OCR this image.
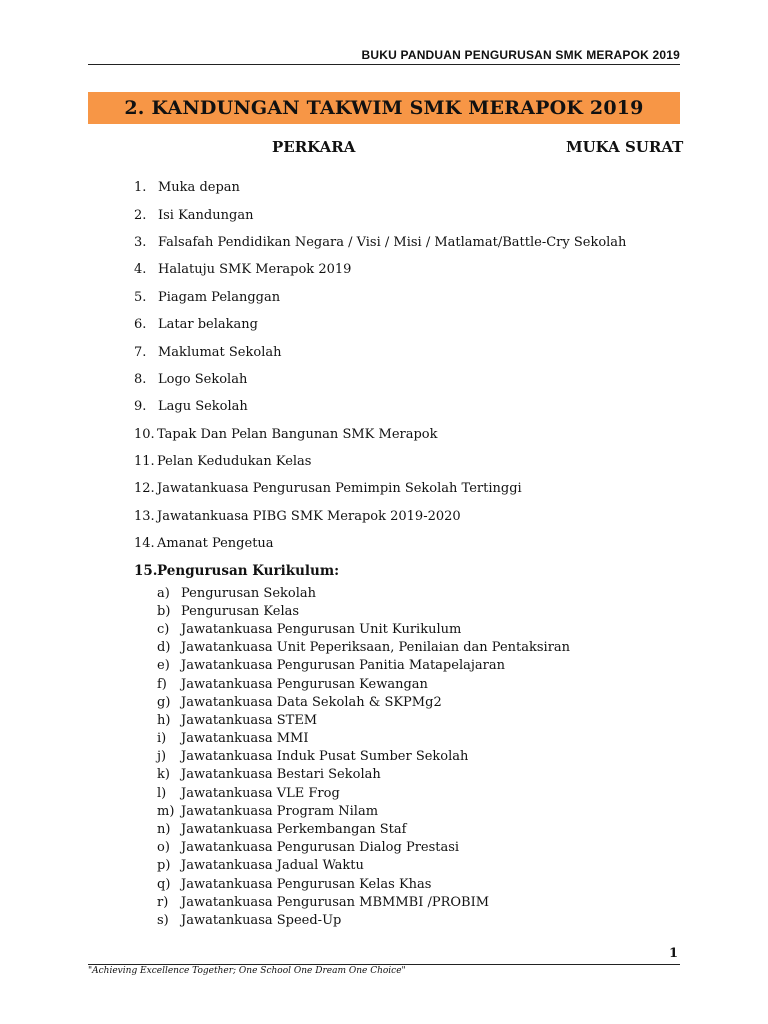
BUKU PANDUAN PENGURUSAN SMK MERAPOK 2019
2. KANDUNGAN TAKWIM SMK MERAPOK 2019
PERKARA	MUKA SURAT
1. Muka depan
2. Isi Kandungan
3. Falsafah Pendidikan Negara / Visi / Misi / Matlamat/Battle-Cry Sekolah
4. Halatuju SMK Merapok 2019
5. Piagam Pelanggan
6. Latar belakang
7. Maklumat Sekolah
8. Logo Sekolah
9. Lagu Sekolah
10. Tapak Dan Pelan Bangunan SMK Merapok
11. Pelan Kedudukan Kelas
12. Jawatankuasa Pengurusan Pemimpin Sekolah Tertinggi
13. Jawatankuasa PIBG SMK Merapok 2019-2020
14. Amanat Pengetua
15. Pengurusan Kurikulum:
a) Pengurusan Sekolah
b) Pengurusan Kelas
c) Jawatankuasa Pengurusan Unit Kurikulum
d) Jawatankuasa Unit Peperiksaan, Penilaian dan Pentaksiran
e) Jawatankuasa Pengurusan Panitia Matapelajaran
f)	Jawatankuasa Pengurusan Kewangan
g) Jawatankuasa Data Sekolah & SKPMg2
h) Jawatankuasa STEM
i)	Jawatankuasa MMI
j)	Jawatankuasa Induk Pusat Sumber Sekolah
k) Jawatankuasa Bestari Sekolah
l)	Jawatankuasa VLE Frog
m) Jawatankuasa Program Nilam
n) Jawatankuasa Perkembangan Staf
o) Jawatankuasa Pengurusan Dialog Prestasi
p) Jawatankuasa Jadual Waktu
q) Jawatankuasa Pengurusan Kelas Khas
r) Jawatankuasa Pengurusan MBMMBI /PROBIM
s) Jawatankuasa Speed-Up
1
"Achieving Excellence Together; One School One Dream One Choice"
